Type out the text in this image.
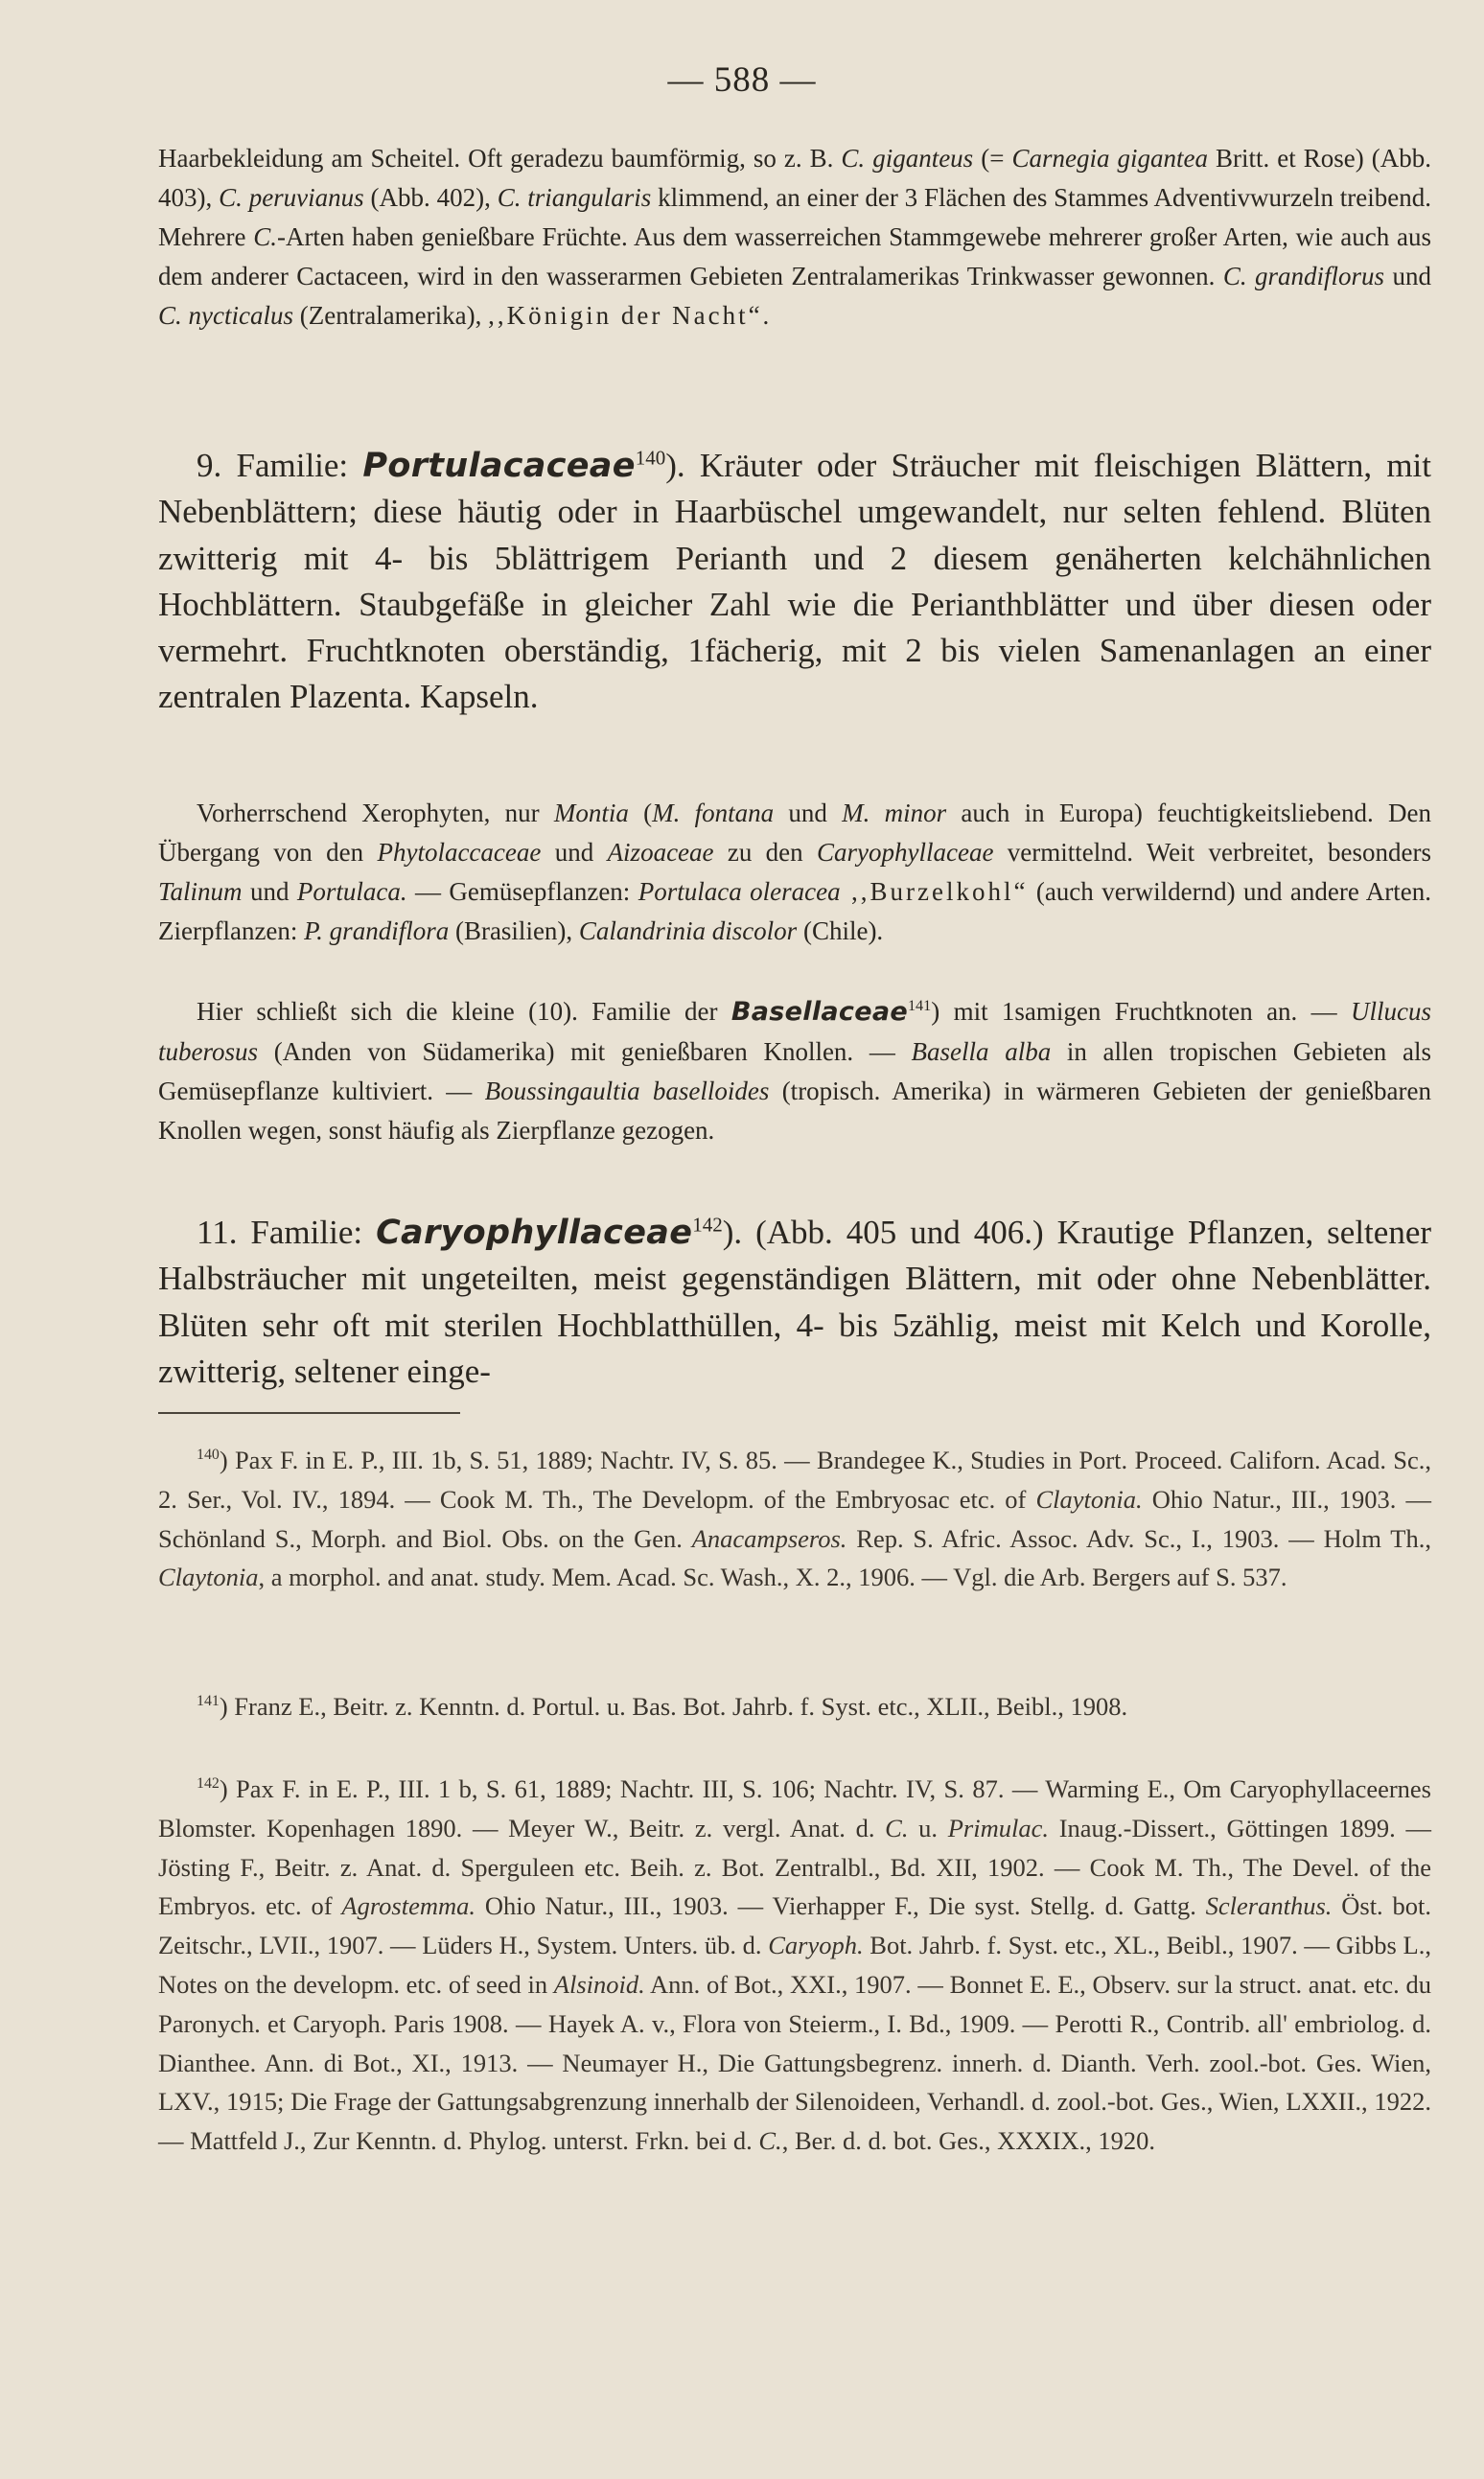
— 588 —

Haarbekleidung am Scheitel. Oft geradezu baumförmig, so z. B. C. giganteus (= Carnegia gigantea Britt. et Rose) (Abb. 403), C. peruvianus (Abb. 402), C. triangularis klimmend, an einer der 3 Flächen des Stammes Adventivwurzeln treibend. Mehrere C.-Arten haben genießbare Früchte. Aus dem wasserreichen Stammgewebe mehrerer großer Arten, wie auch aus dem anderer Cactaceen, wird in den wasserarmen Gebieten Zentralamerikas Trinkwasser gewonnen. C. grandiflorus und C. nycticalus (Zentralamerika), ,,Königin der Nacht“.

9. Familie: Portulacaceae$^{140}$). Kräuter oder Sträucher mit fleischigen Blättern, mit Nebenblättern; diese häutig oder in Haarbüschel umgewandelt, nur selten fehlend. Blüten zwitterig mit 4- bis 5blättrigem Perianth und 2 diesem genäherten kelchähnlichen Hochblättern. Staubgefäße in gleicher Zahl wie die Perianthblätter und über diesen oder vermehrt. Fruchtknoten oberständig, 1fächerig, mit 2 bis vielen Samenanlagen an einer zentralen Plazenta. Kapseln.

Vorherrschend Xerophyten, nur Montia (M. fontana und M. minor auch in Europa) feuchtigkeitsliebend. Den Übergang von den Phytolaccaceae und Aizoaceae zu den Caryophyllaceae vermittelnd. Weit verbreitet, besonders Talinum und Portulaca. — Gemüsepflanzen: Portulaca oleracea ,,Burzelkohl“ (auch verwildernd) und andere Arten. Zierpflanzen: P. grandiflora (Brasilien), Calandrinia discolor (Chile).

Hier schließt sich die kleine (10). Familie der Basellaceae$^{141}$) mit 1samigen Fruchtknoten an. — Ullucus tuberosus (Anden von Südamerika) mit genießbaren Knollen. — Basella alba in allen tropischen Gebieten als Gemüsepflanze kultiviert. — Boussingaultia baselloides (tropisch. Amerika) in wärmeren Gebieten der genießbaren Knollen wegen, sonst häufig als Zierpflanze gezogen.

11. Familie: Caryophyllaceae$^{142}$). (Abb. 405 und 406.) Krautige Pflanzen, seltener Halbsträucher mit ungeteilten, meist gegenständigen Blättern, mit oder ohne Nebenblätter. Blüten sehr oft mit sterilen Hochblatthüllen, 4- bis 5zählig, meist mit Kelch und Korolle, zwitterig, seltener einge-

$^{140}$) Pax F. in E. P., III. 1b, S. 51, 1889; Nachtr. IV, S. 85. — Brandegee K., Studies in Port. Proceed. Californ. Acad. Sc., 2. Ser., Vol. IV., 1894. — Cook M. Th., The Developm. of the Embryosac etc. of Claytonia. Ohio Natur., III., 1903. — Schönland S., Morph. and Biol. Obs. on the Gen. Anacampseros. Rep. S. Afric. Assoc. Adv. Sc., I., 1903. — Holm Th., Claytonia, a morphol. and anat. study. Mem. Acad. Sc. Wash., X. 2., 1906. — Vgl. die Arb. Bergers auf S. 537.

$^{141}$) Franz E., Beitr. z. Kenntn. d. Portul. u. Bas. Bot. Jahrb. f. Syst. etc., XLII., Beibl., 1908.

$^{142}$) Pax F. in E. P., III. 1 b, S. 61, 1889; Nachtr. III, S. 106; Nachtr. IV, S. 87. — Warming E., Om Caryophyllaceernes Blomster. Kopenhagen 1890. — Meyer W., Beitr. z. vergl. Anat. d. C. u. Primulac. Inaug.-Dissert., Göttingen 1899. — Jösting F., Beitr. z. Anat. d. Sperguleen etc. Beih. z. Bot. Zentralbl., Bd. XII, 1902. — Cook M. Th., The Devel. of the Embryos. etc. of Agrostemma. Ohio Natur., III., 1903. — Vierhapper F., Die syst. Stellg. d. Gattg. Scleranthus. Öst. bot. Zeitschr., LVII., 1907. — Lüders H., System. Unters. üb. d. Caryoph. Bot. Jahrb. f. Syst. etc., XL., Beibl., 1907. — Gibbs L., Notes on the developm. etc. of seed in Alsinoid. Ann. of Bot., XXI., 1907. — Bonnet E. E., Observ. sur la struct. anat. etc. du Paronych. et Caryoph. Paris 1908. — Hayek A. v., Flora von Steierm., I. Bd., 1909. — Perotti R., Contrib. all' embriolog. d. Dianthee. Ann. di Bot., XI., 1913. — Neumayer H., Die Gattungsbegrenz. innerh. d. Dianth. Verh. zool.-bot. Ges. Wien, LXV., 1915; Die Frage der Gattungsabgrenzung innerhalb der Silenoideen, Verhandl. d. zool.-bot. Ges., Wien, LXXII., 1922. — Mattfeld J., Zur Kenntn. d. Phylog. unterst. Frkn. bei d. C., Ber. d. d. bot. Ges., XXXIX., 1920.
